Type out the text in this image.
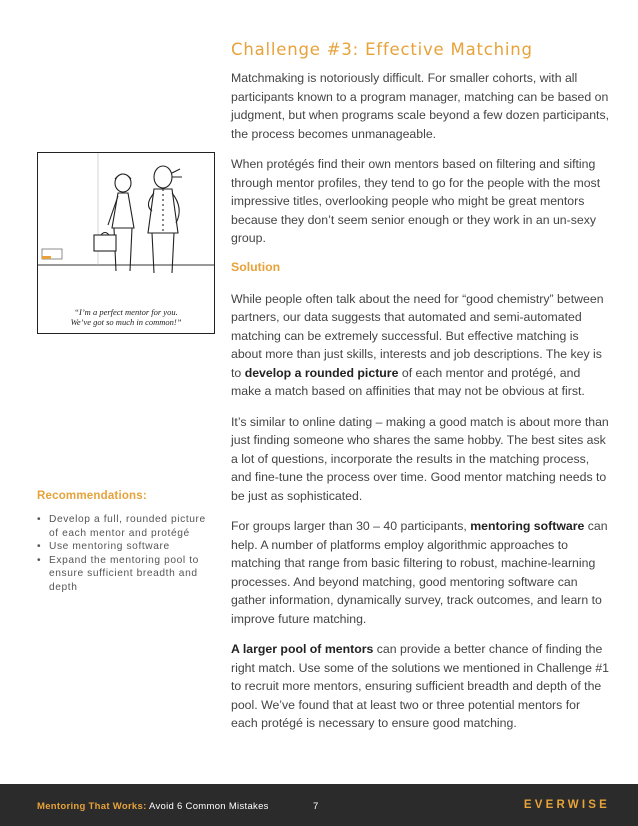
Challenge #3: Effective Matching

Matchmaking is notoriously difficult. For smaller cohorts, with all participants known to a program manager, matching can be based on judgment, but when programs scale beyond a few dozen participants, the process becomes unmanageable.

When protégés find their own mentors based on filtering and sifting through mentor profiles, they tend to go for the people with the most impressive titles, overlooking people who might be great mentors because they don’t seem senior enough or they work in an un-sexy group.

Solution

While people often talk about the need for “good chemistry” between partners, our data suggests that automated and semi-automated matching can be extremely successful. But effective matching is about more than just skills, interests and job descriptions. The key is to develop a rounded picture of each mentor and protégé, and make a match based on affinities that may not be obvious at first.

It’s similar to online dating – making a good match is about more than just finding someone who shares the same hobby. The best sites ask a lot of questions, incorporate the results in the matching process, and fine-tune the process over time. Good mentor matching needs to be just as sophisticated.

For groups larger than 30 – 40 participants, mentoring software can help. A number of platforms employ algorithmic approaches to matching that range from basic filtering to robust, machine-learning processes. And beyond matching, good mentoring software can gather information, dynamically survey, track outcomes, and learn to improve future matching.

A larger pool of mentors can provide a better chance of finding the right match. Use some of the solutions we mentioned in Challenge #1 to recruit more mentors, ensuring sufficient breadth and depth of the pool. We’ve found that at least two or three potential mentors for each protégé is necessary to ensure good matching.

“I’m a perfect mentor for you.
We’ve got so much in common!”
Recommendations:
• Develop a full, rounded picture of each mentor and protégé
• Use mentoring software
• Expand the mentoring pool to ensure sufficient breadth and depth
Mentoring That Works: Avoid 6 Common Mistakes	7	EVERWISE
